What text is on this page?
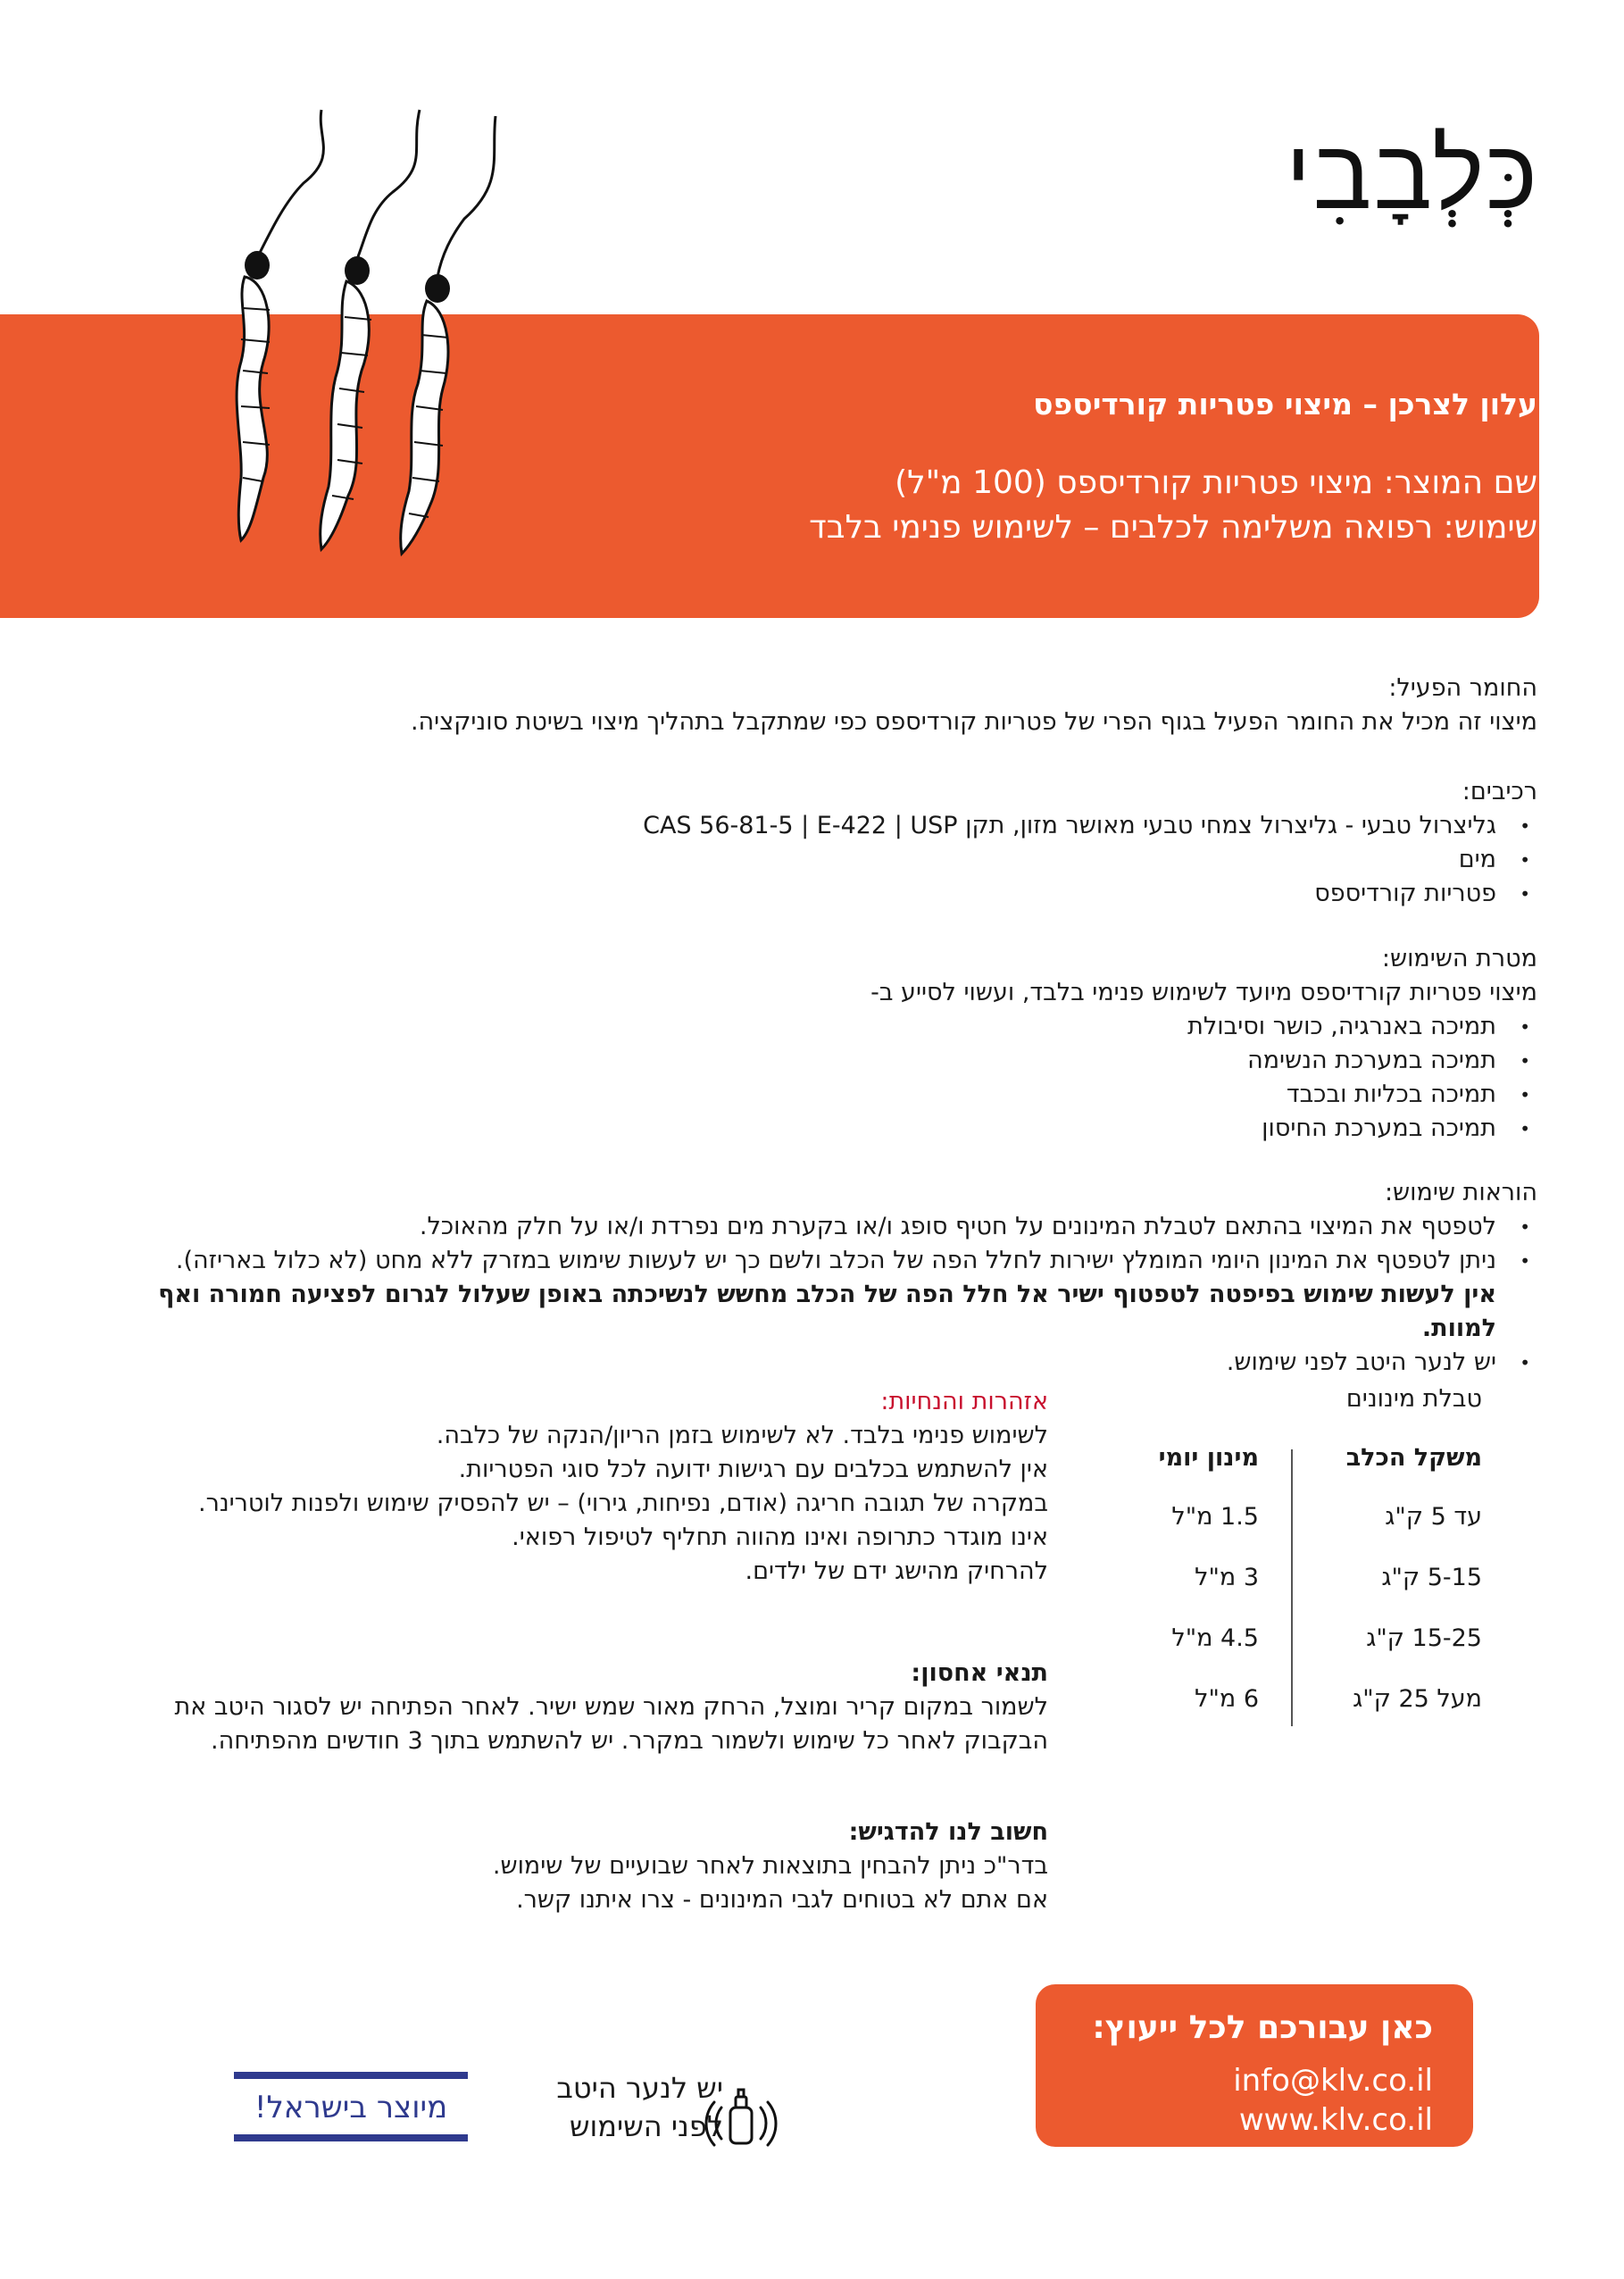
כְּלְבָבִי
עלון לצרכן – מיצוי פטריות קורדיספס
שם המוצר: מיצוי פטריות קורדיספס (100 מ"ל)
שימוש: רפואה משלימה לכלבים – לשימוש פנימי בלבד
החומר הפעיל:

מיצוי זה מכיל את החומר הפעיל בגוף הפרי של פטריות קורדיספס כפי שמתקבל בתהליך מיצוי בשיטת סוניקציה.

רכיבים:
• גליצרול טבעי - גליצרול צמחי טבעי מאושר מזון, תקן CAS 56-81-5 | E-422 | USP
• מים
• פטריות קורדיספס
מטרת השימוש:

מיצוי פטריות קורדיספס מיועד לשימוש פנימי בלבד, ועשוי לסייע ב-

• תמיכה באנרגיה, כושר וסיבולת
• תמיכה במערכת הנשימה
• תמיכה בכליות ובכבד
• תמיכה במערכת החיסון
הוראות שימוש:
• לטפטף את המיצוי בהתאם לטבלת המינונים על חטיף סופג ו/או בקערת מים נפרדת ו/או על חלק מהאוכל.
• ניתן לטפטף את המינון היומי המומלץ ישירות לחלל הפה של הכלב ולשם כך יש לעשות שימוש במזרק ללא מחט (לא כלול באריזה). אין לעשות שימוש בפיפטה לטפטוף ישיר אל חלל הפה של הכלב מחשש לנשיכתה באופן שעלול לגרום לפציעה חמורה ואף למוות.
• יש לנער היטב לפני שימוש.
טבלת מינונים
משקל הכלב
מינון יומי
עד 5 ק"ג
1.5 מ"ל
5-15 ק"ג
3 מ"ל
15-25 ק"ג
4.5 מ"ל
מעל 25 ק"ג
6 מ"ל
אזהרות והנחיות:

לשימוש פנימי בלבד. לא לשימוש בזמן הריון/הנקה של כלבה.

אין להשתמש בכלבים עם רגישות ידועה לכל סוגי הפטריות.

במקרה של תגובה חריגה (אודם, נפיחות, גירוי) – יש להפסיק שימוש ולפנות לוטרינר.

אינו מוגדר כתרופה ואינו מהווה תחליף לטיפול רפואי.

להרחיק מהישג ידם של ילדים.

תנאי אחסון:

לשמור במקום קריר ומוצל, הרחק מאור שמש ישיר. לאחר הפתיחה יש לסגור היטב את הבקבוק לאחר כל שימוש ולשמור במקרר. יש להשתמש בתוך 3 חודשים מהפתיחה.

חשוב לנו להדגיש:

בדר"כ ניתן להבחין בתוצאות לאחר שבועיים של שימוש.

אם אתם לא בטוחים לגבי המינונים - צרו איתנו קשר.

כאן עבורכם לכל ייעוץ:
info@klv.co.il
www.klv.co.il
יש לנער היטב
לפני השימוש
מיוצר בישראל!
